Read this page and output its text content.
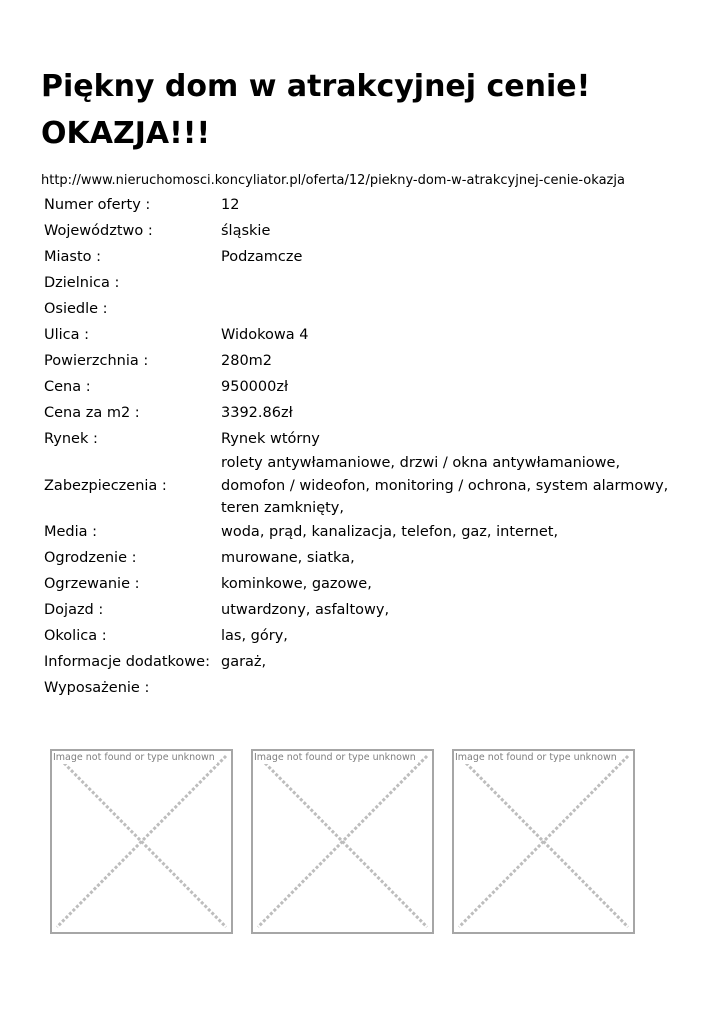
Piękny dom w atrakcyjnej cenie! OKAZJA!!!
http://www.nieruchomosci.koncyliator.pl/oferta/12/piekny-dom-w-atrakcyjnej-cenie-okazja
Numer oferty :	12
Województwo :	śląskie
Miasto :	Podzamcze
Dzielnica :	
Osiedle :	
Ulica :	Widokowa 4
Powierzchnia :	280m2
Cena :	950000zł
Cena za m2 :	3392.86zł
Rynek :	Rynek wtórny
Zabezpieczenia :	rolety antywłamaniowe, drzwi / okna antywłamaniowe, domofon / wideofon, monitoring / ochrona, system alarmowy, teren zamknięty,
Media :	woda, prąd, kanalizacja, telefon, gaz, internet,
Ogrodzenie :	murowane, siatka,
Ogrzewanie :	kominkowe, gazowe,
Dojazd :	utwardzony, asfaltowy,
Okolica :	las, góry,
Informacje dodatkowe:	garaż,
Wyposażenie :	
Image not found or type unknown	Image not found or type unknown	Image not found or type unknown
